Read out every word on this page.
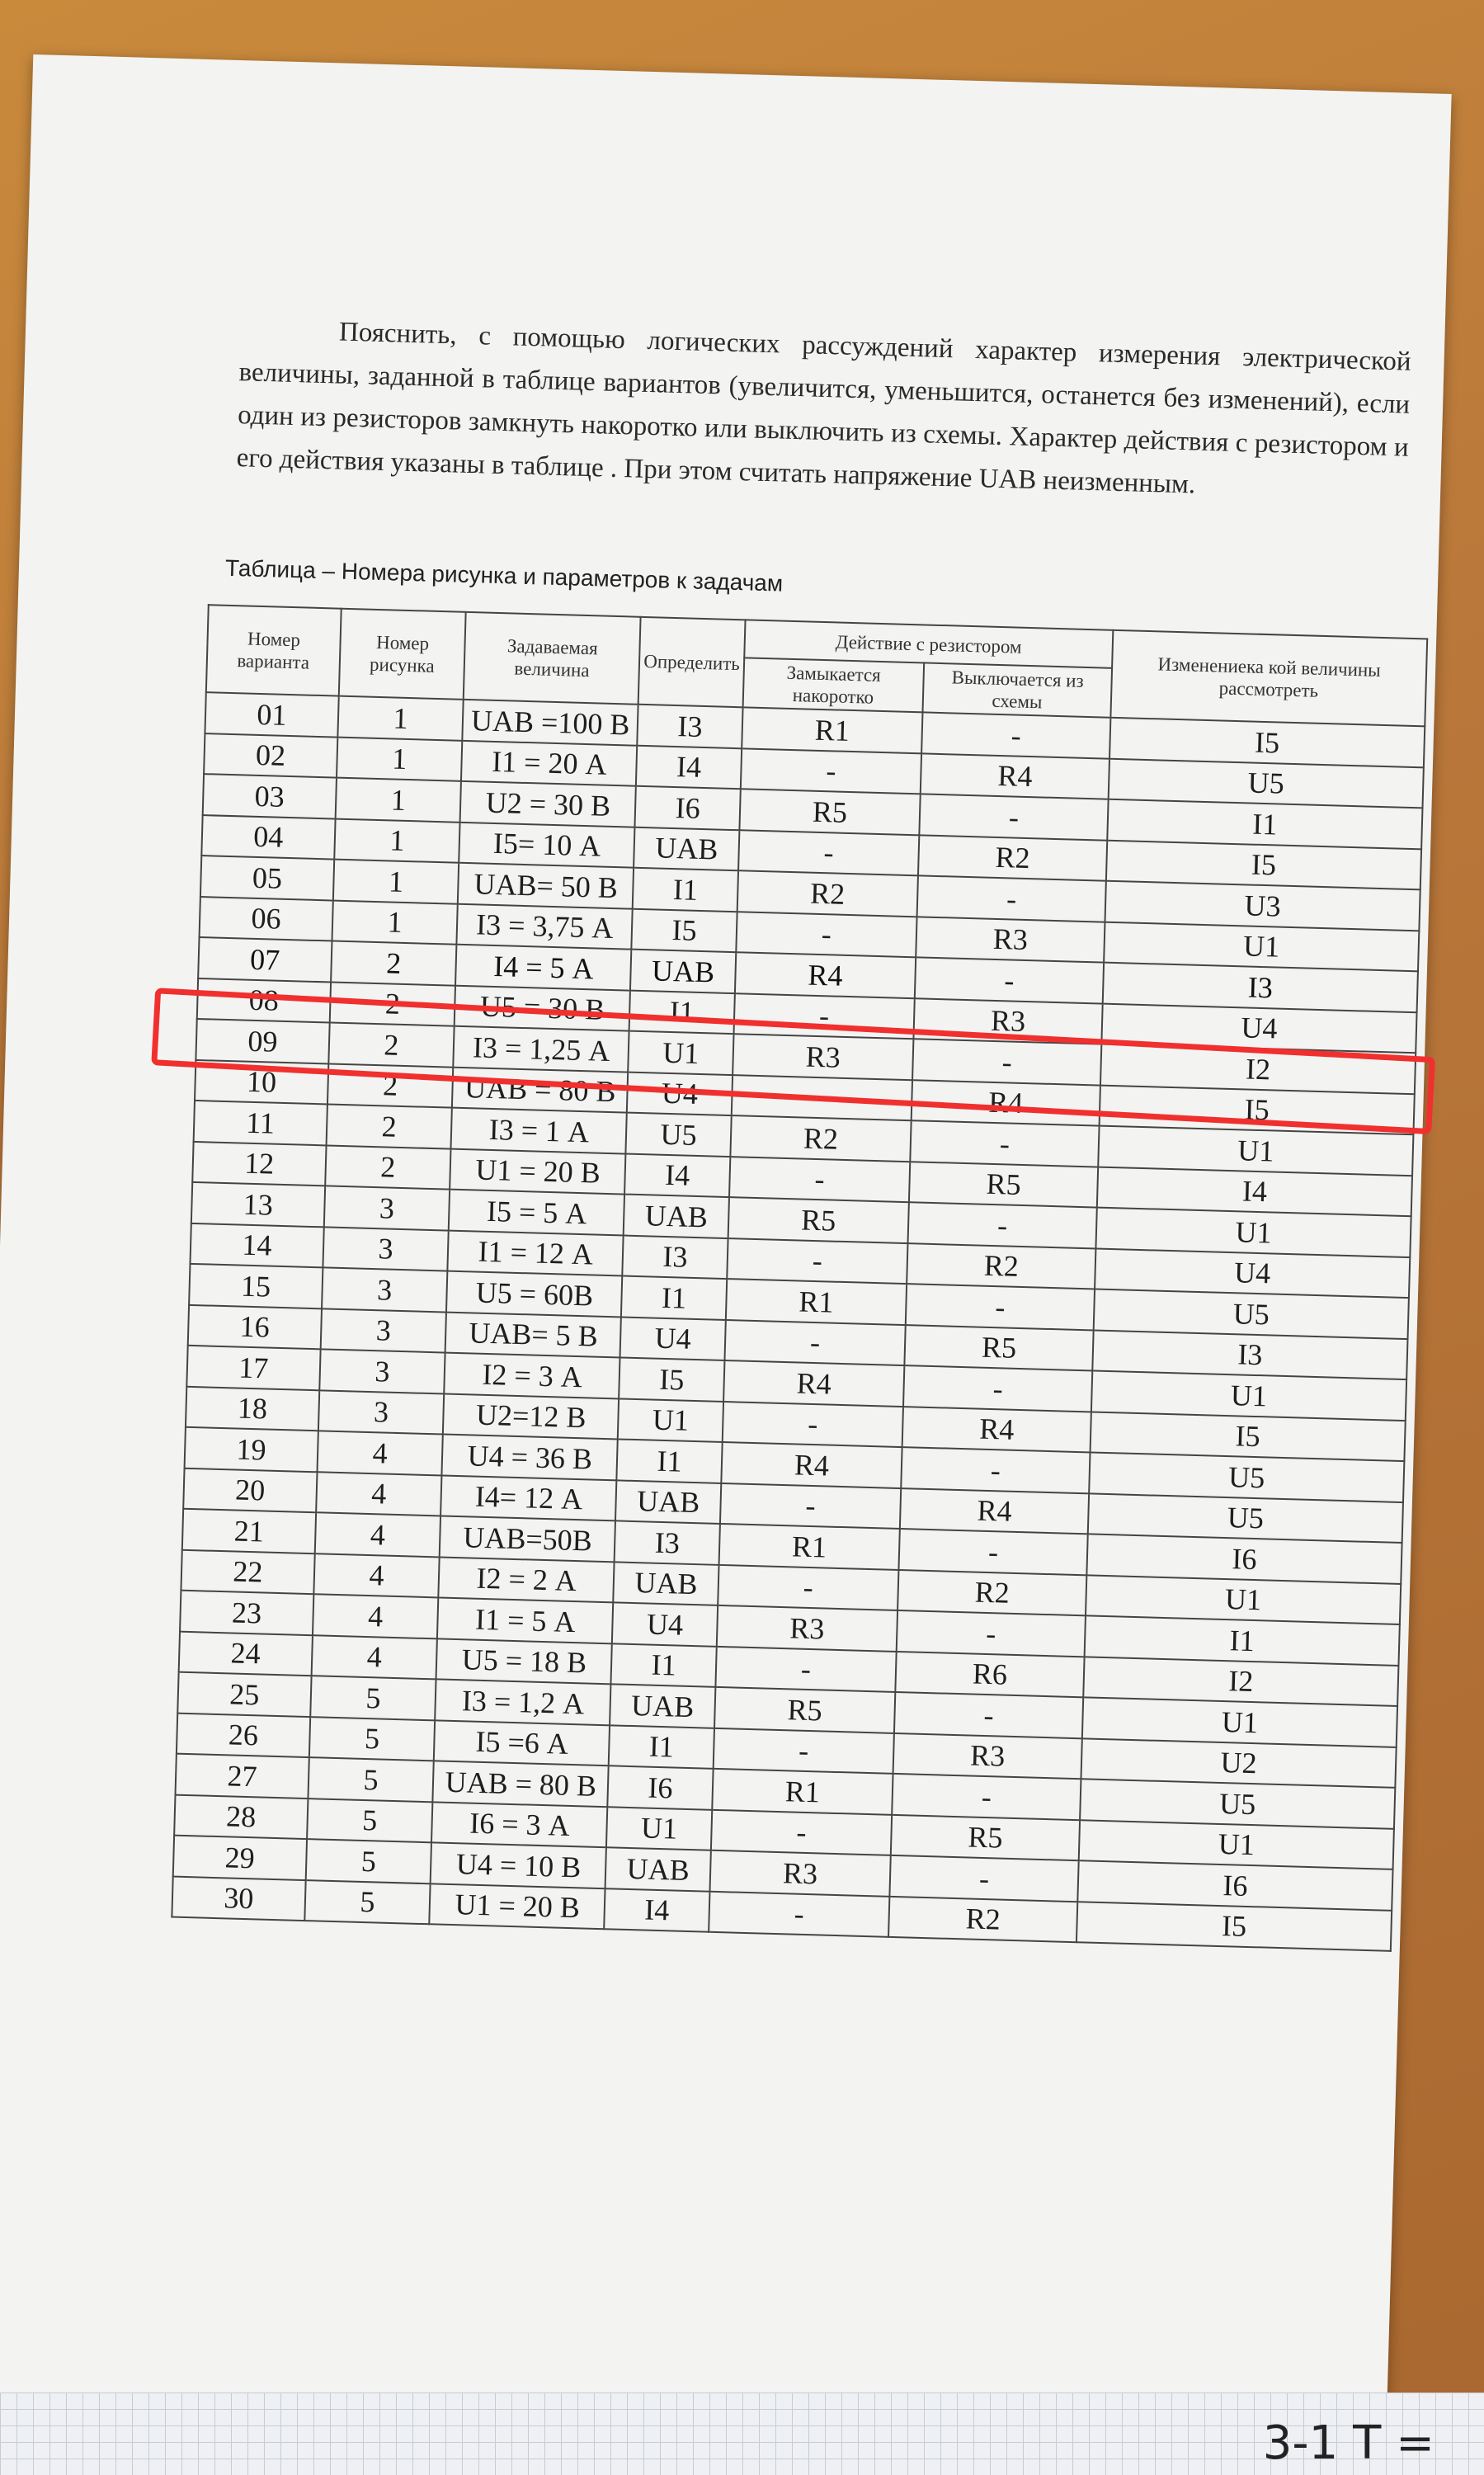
Пояснить, с помощью логических рассуждений характер измерения электрической величины, заданной в таблице вариантов (увеличится, уменьшится, останется без изменений), если один из резисторов замкнуть накоротко или выключить из схемы. Характер действия с резистором и его действия указаны в таблице . При этом считать напряжение UАВ неизменным.
Таблица – Номера рисунка и параметров к задачам
Номер варианта	Номер рисунка	Задаваемая величина	Определить	Действие с резистором		Изменениека кой величины рассмотреть
				Замыкается накоротко	Выключается из схемы	
01	1	UAB =100 В	I3	R1	-	I5
02	1	I1 = 20 А	I4	-	R4	U5
03	1	U2 = 30 В	I6	R5	-	I1
04	1	I5= 10 А	UAB	-	R2	I5
05	1	UAB= 50 В	I1	R2	-	U3
06	1	I3 = 3,75 А	I5	-	R3	U1
07	2	I4 = 5 А	UAB	R4	-	I3
08	2	U5 = 30 В	I1	-	R3	U4
09	2	I3 = 1,25 А	U1	R3	-	I2
10	2	UAB = 80 В	U4	-	R4	I5
11	2	I3 = 1 А	U5	R2	-	U1
12	2	U1 = 20 В	I4	-	R5	I4
13	3	I5 = 5 А	UAB	R5	-	U1
14	3	I1 = 12 А	I3	-	R2	U4
15	3	U5 = 60В	I1	R1	-	U5
16	3	UAB= 5 В	U4	-	R5	I3
17	3	I2 = 3 А	I5	R4	-	U1
18	3	U2=12 В	U1	-	R4	I5
19	4	U4 = 36 В	I1	R4	-	U5
20	4	I4= 12 А	UAB	-	R4	U5
21	4	UAB=50В	I3	R1	-	I6
22	4	I2 = 2 А	UAB	-	R2	U1
23	4	I1 = 5 А	U4	R3	-	I1
24	4	U5 = 18 В	I1	-	R6	I2
25	5	I3 = 1,2 А	UAB	R5	-	U1
26	5	I5 =6 А	I1	-	R3	U2
27	5	UAB = 80 В	I6	R1	-	U5
28	5	I6 = 3 А	U1	-	R5	U1
29	5	U4 = 10 В	UAB	R3	-	I6
30	5	U1 = 20 В	I4	-	R2	I5
3-1 T =
